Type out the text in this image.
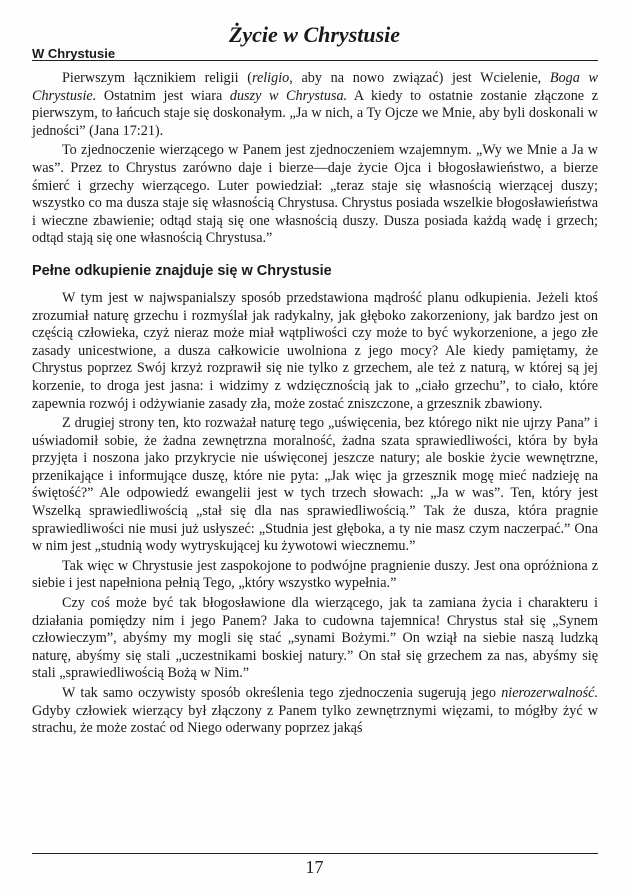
Życie w Chrystusie
W Chrystusie

Pierwszym łącznikiem religii (religio, aby na nowo związać) jest Wcielenie, Boga w Chrystusie. Ostatnim jest wiara duszy w Chrystusa. A kiedy to ostatnie zostanie złączone z pierwszym, to łańcuch staje się doskonałym. „Ja w nich, a Ty Ojcze we Mnie, aby byli doskonali w jedności” (Jana 17:21).

To zjednoczenie wierzącego w Panem jest zjednoczeniem wzajemnym. „Wy we Mnie a Ja w was”. Przez to Chrystus zarówno daje i bierze—daje życie Ojca i błogosławieństwo, a bierze śmierć i grzechy wierzącego. Luter powiedział: „teraz staje się własnością wierzącej duszy; wszystko co ma dusza staje się własnością Chrystusa. Chrystus posiada wszelkie błogosławieństwa i wieczne zbawienie; odtąd stają się one własnością duszy. Dusza posiada każdą wadę i grzech; odtąd stają się one własnością Chrystusa.”

Pełne odkupienie znajduje się w Chrystusie

W tym jest w najwspanialszy sposób przedstawiona mądrość planu odkupienia. Jeżeli ktoś zrozumiał naturę grzechu i rozmyślał jak radykalny, jak głęboko zakorzeniony, jak bardzo jest on częścią człowieka, czyż nieraz może miał wątpliwości czy może to być wykorzenione, a jego złe zasady unicestwione, a dusza całkowicie uwolniona z jego mocy? Ale kiedy pamiętamy, że Chrystus poprzez Swój krzyż rozprawił się nie tylko z grzechem, ale też z naturą, w której są jej korzenie, to droga jest jasna: i widzimy z wdzięcznością jak to „ciało grzechu”, to ciało, które zapewnia rozwój i odżywianie zasady zła, może zostać zniszczone, a grzesznik zbawiony.

Z drugiej strony ten, kto rozważał naturę tego „uświęcenia, bez którego nikt nie ujrzy Pana” i uświadomił sobie, że żadna zewnętrzna moralność, żadna szata sprawiedliwości, która by była przyjęta i noszona jako przykrycie nie uświęconej jeszcze natury; ale boskie życie wewnętrzne, przenikające i informujące duszę, które nie pyta: „Jak więc ja grzesznik mogę mieć nadzieję na świętość?” Ale odpowiedź ewangelii jest w tych trzech słowach: „Ja w was”. Ten, który jest Wszelką sprawiedliwością „stał się dla nas sprawiedliwością.” Tak że dusza, która pragnie sprawiedliwości nie musi już usłyszeć: „Studnia jest głęboka, a ty nie masz czym naczerpać.” Ona w nim jest „studnią wody wytryskującej ku żywotowi wiecznemu.”

Tak więc w Chrystusie jest zaspokojone to podwójne pragnienie duszy. Jest ona opróżniona z siebie i jest napełniona pełnią Tego, „który wszystko wypełnia.”

Czy coś może być tak błogosławione dla wierzącego, jak ta zamiana życia i charakteru i działania pomiędzy nim i jego Panem? Jaka to cudowna tajemnica! Chrystus stał się „Synem człowieczym”, abyśmy my mogli się stać „synami Bożymi.” On wziął na siebie naszą ludzką naturę, abyśmy się stali „uczestnikami boskiej natury.” On stał się grzechem za nas, abyśmy się stali „sprawiedliwością Bożą w Nim.”

W tak samo oczywisty sposób określenia tego zjednoczenia sugerują jego nierozerwalność. Gdyby człowiek wierzący był złączony z Panem tylko zewnętrznymi więzami, to mógłby żyć w strachu, że może zostać od Niego oderwany poprzez jakąś

17
